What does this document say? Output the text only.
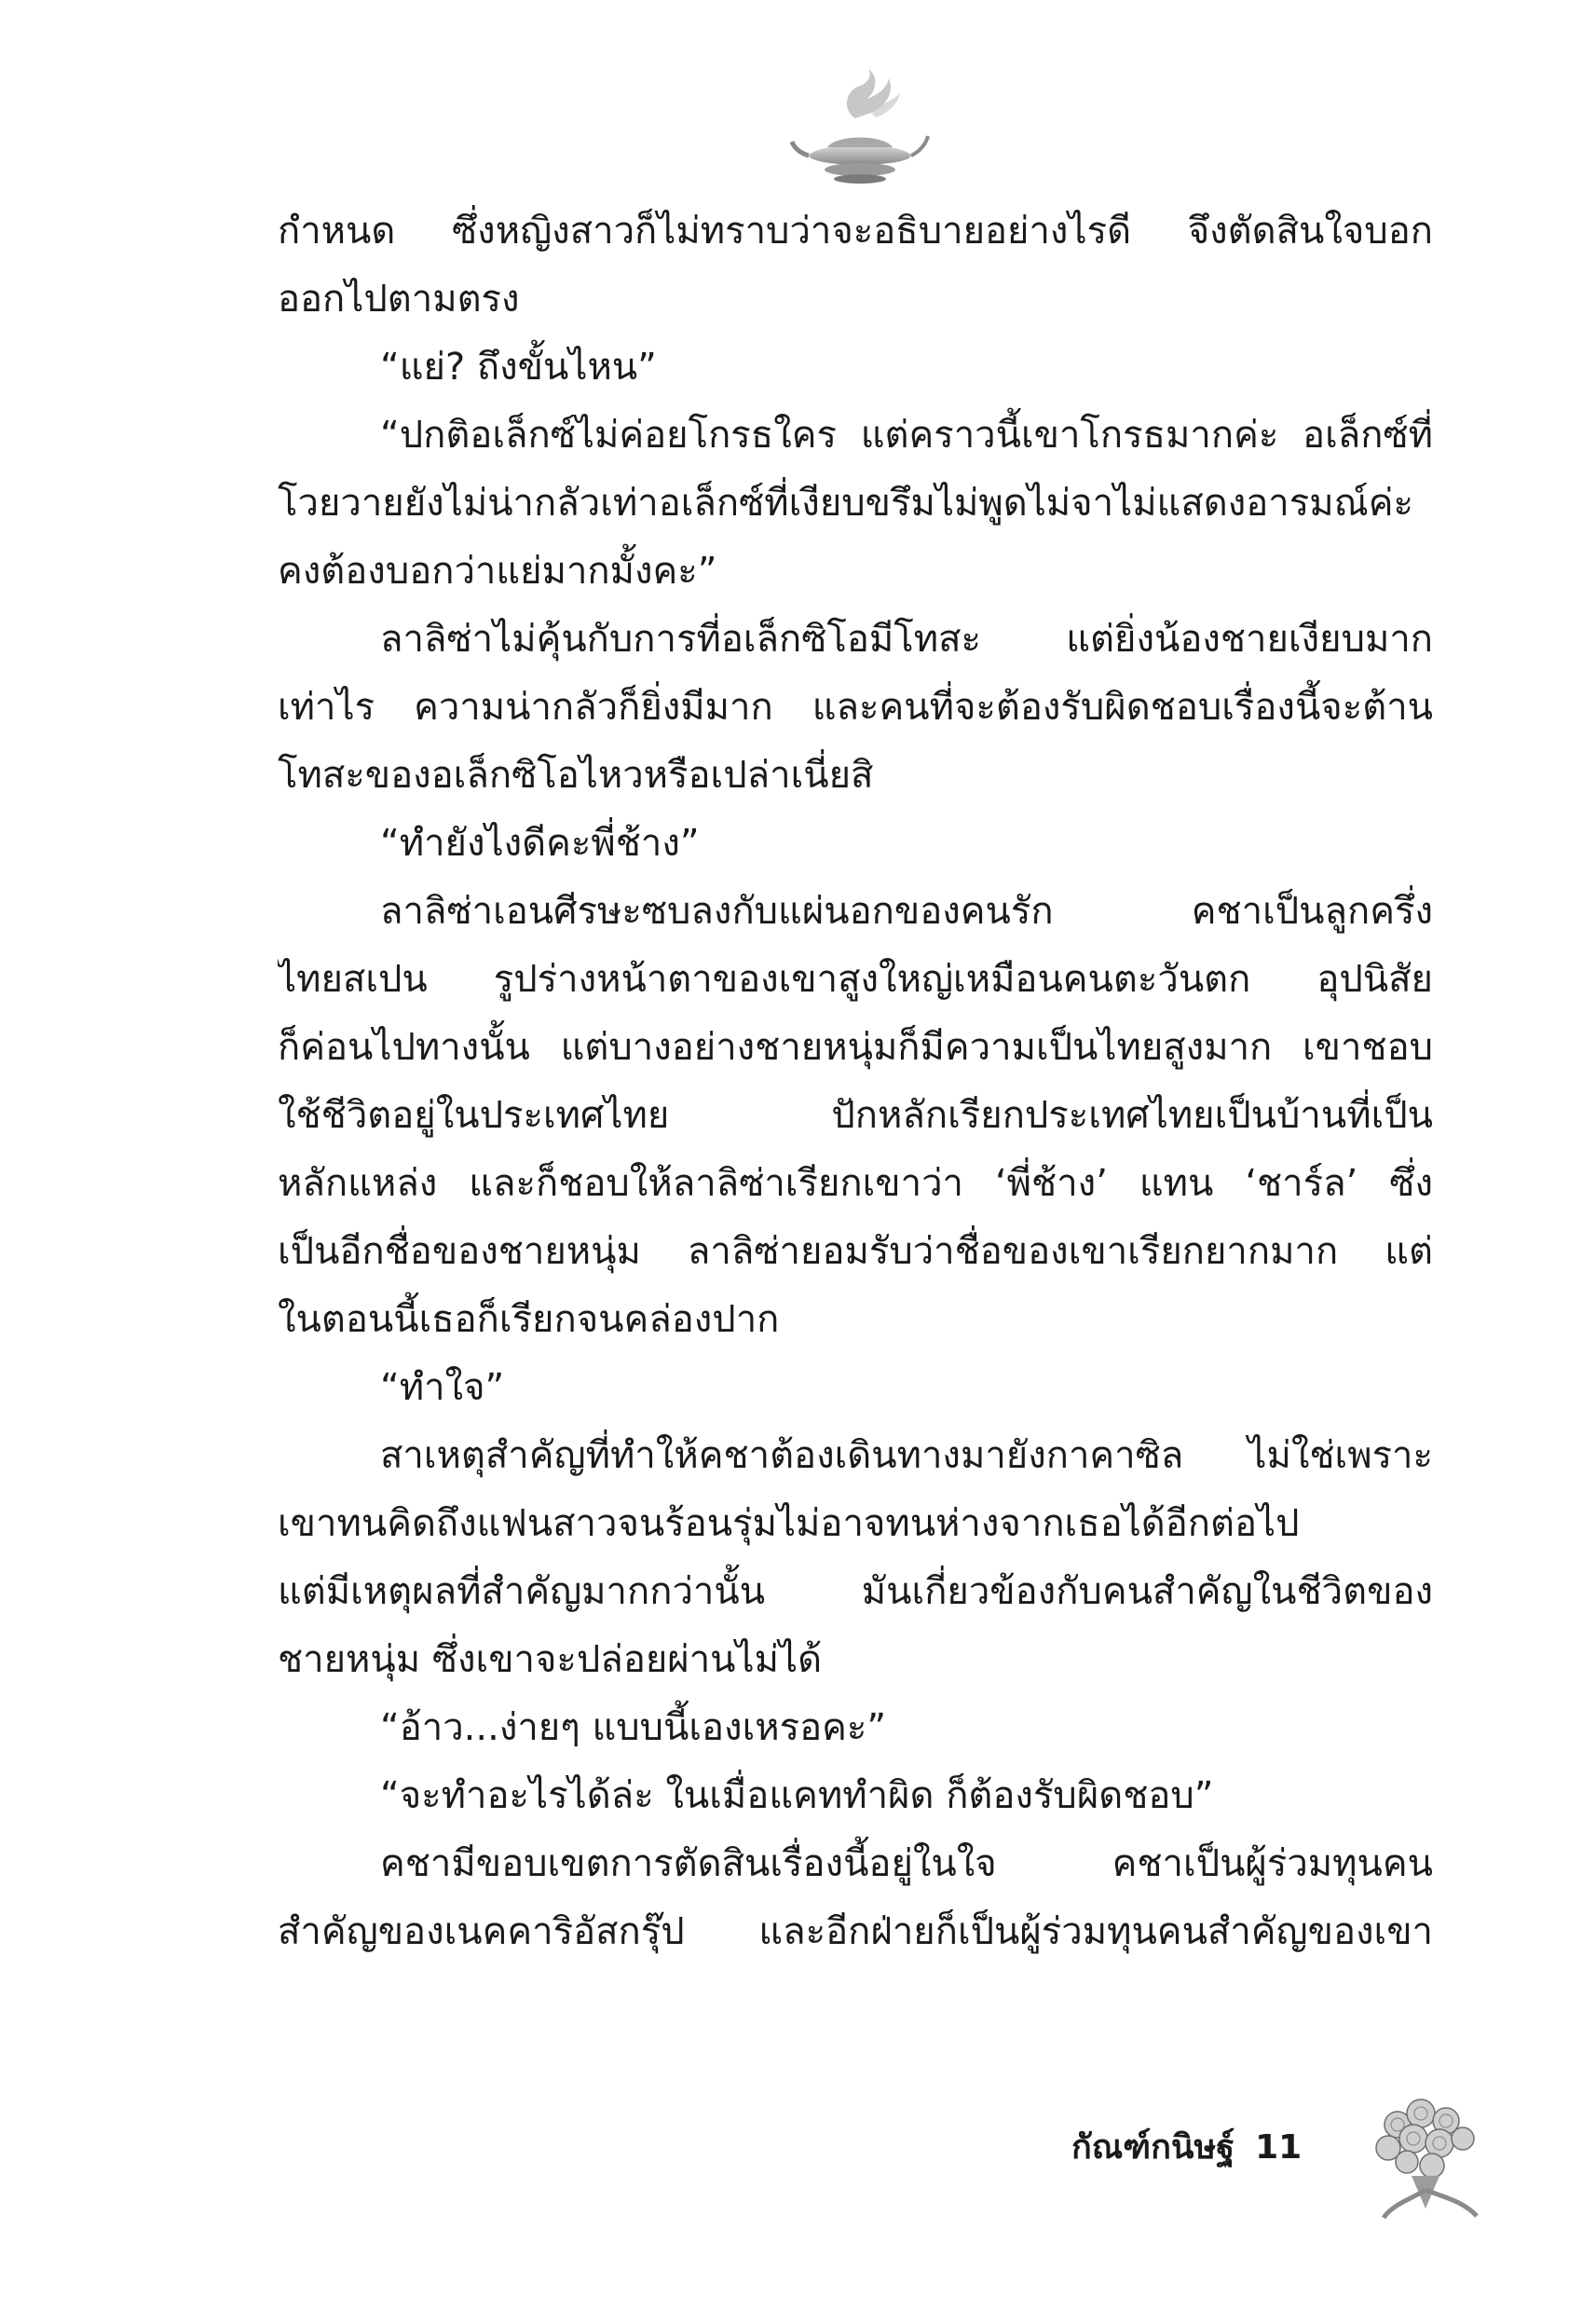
กำหนด ซึ่งหญิงสาวก็ไม่ทราบว่าจะอธิบายอย่างไรดี จึงตัดสินใจบอก
ออกไปตามตรง
“แย่? ถึงขั้นไหน”
“ปกติอเล็กซ์ไม่ค่อยโกรธใคร แต่คราวนี้เขาโกรธมากค่ะ อเล็กซ์ที่
โวยวายยังไม่น่ากลัวเท่าอเล็กซ์ที่เงียบขรึมไม่พูดไม่จาไม่แสดงอารมณ์ค่ะ
คงต้องบอกว่าแย่มากมั้งคะ”
ลาลิซ่าไม่คุ้นกับการที่อเล็กซิโอมีโทสะ แต่ยิ่งน้องชายเงียบมาก
เท่าไร ความน่ากลัวก็ยิ่งมีมาก และคนที่จะต้องรับผิดชอบเรื่องนี้จะต้าน
โทสะของอเล็กซิโอไหวหรือเปล่าเนี่ยสิ
“ทำยังไงดีคะพี่ช้าง”
ลาลิซ่าเอนศีรษะซบลงกับแผ่นอกของคนรัก คชาเป็นลูกครึ่ง
ไทยสเปน รูปร่างหน้าตาของเขาสูงใหญ่เหมือนคนตะวันตก อุปนิสัย
ก็ค่อนไปทางนั้น แต่บางอย่างชายหนุ่มก็มีความเป็นไทยสูงมาก เขาชอบ
ใช้ชีวิตอยู่ในประเทศไทย ปักหลักเรียกประเทศไทยเป็นบ้านที่เป็น
หลักแหล่ง และก็ชอบให้ลาลิซ่าเรียกเขาว่า ‘พี่ช้าง’ แทน ‘ชาร์ล’ ซึ่ง
เป็นอีกชื่อของชายหนุ่ม ลาลิซ่ายอมรับว่าชื่อของเขาเรียกยากมาก แต่
ในตอนนี้เธอก็เรียกจนคล่องปาก
“ทำใจ”
สาเหตุสำคัญที่ทำให้คชาต้องเดินทางมายังกาคาซิล ไม่ใช่เพราะ
เขาทนคิดถึงแฟนสาวจนร้อนรุ่มไม่อาจทนห่างจากเธอได้อีกต่อไป
แต่มีเหตุผลที่สำคัญมากกว่านั้น มันเกี่ยวข้องกับคนสำคัญในชีวิตของ
ชายหนุ่ม ซึ่งเขาจะปล่อยผ่านไม่ได้
“อ้าว...ง่ายๆ แบบนี้เองเหรอคะ”
“จะทำอะไรได้ล่ะ ในเมื่อแคททำผิด ก็ต้องรับผิดชอบ”
คชามีขอบเขตการตัดสินเรื่องนี้อยู่ในใจ คชาเป็นผู้ร่วมทุนคน
สำคัญของเนคคาริอัสกรุ๊ป และอีกฝ่ายก็เป็นผู้ร่วมทุนคนสำคัญของเขา
กัณฑ์กนิษฐ์ 11
